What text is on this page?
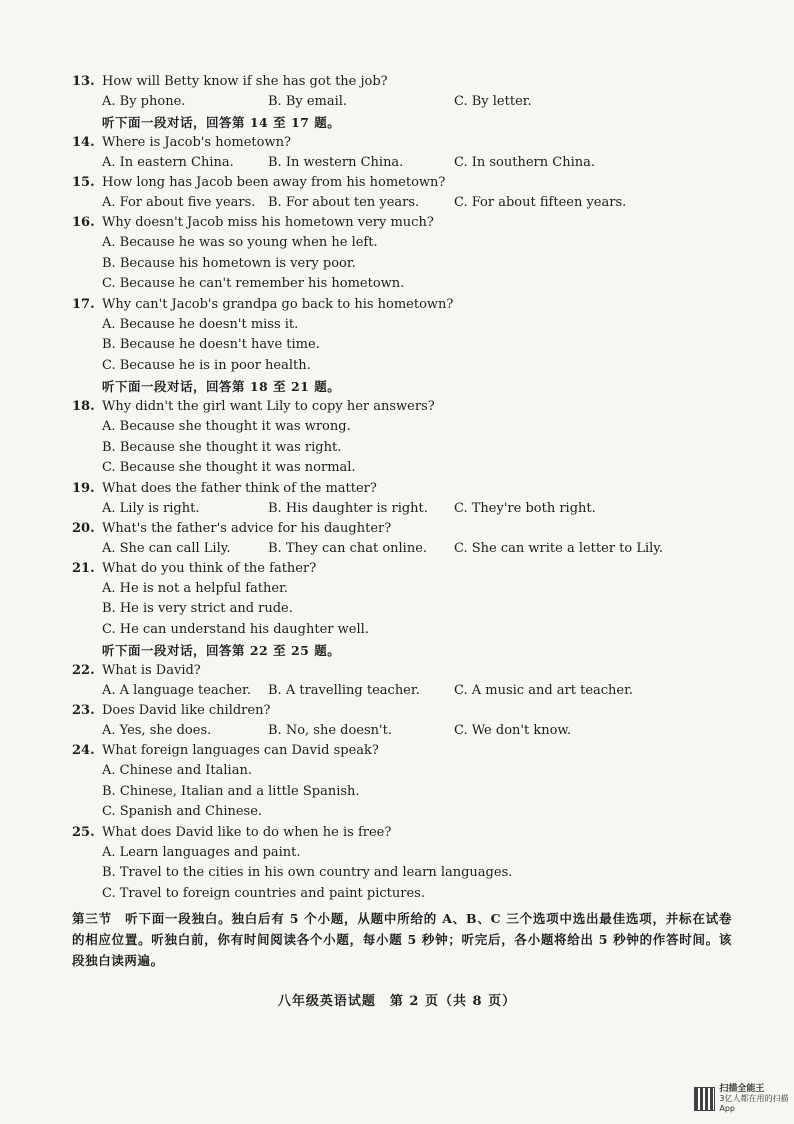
13. How will Betty know if she has got the job?
A. By phone.	B. By email.	C. By letter.
听下面一段对话，回答第 14 至 17 题。
14. Where is Jacob's hometown?
A. In eastern China.	B. In western China.	C. In southern China.
15. How long has Jacob been away from his hometown?
A. For about five years. B. For about ten years.	C. For about fifteen years.
16. Why doesn't Jacob miss his hometown very much?
A. Because he was so young when he left.
B. Because his hometown is very poor.
C. Because he can't remember his hometown.
17. Why can't Jacob's grandpa go back to his hometown?
A. Because he doesn't miss it.
B. Because he doesn't have time.
C. Because he is in poor health.
听下面一段对话，回答第 18 至 21 题。
18. Why didn't the girl want Lily to copy her answers?
A. Because she thought it was wrong.
B. Because she thought it was right.
C. Because she thought it was normal.
19. What does the father think of the matter?
A. Lily is right.	B. His daughter is right.	C. They're both right.
20. What's the father's advice for his daughter?
A. She can call Lily.	B. They can chat online.	C. She can write a letter to Lily.
21. What do you think of the father?
A. He is not a helpful father.
B. He is very strict and rude.
C. He can understand his daughter well.
听下面一段对话，回答第 22 至 25 题。
22. What is David?
A. A language teacher.	B. A travelling teacher.	C. A music and art teacher.
23. Does David like children?
A. Yes, she does.	B. No, she doesn't.	C. We don't know.
24. What foreign languages can David speak?
A. Chinese and Italian.
B. Chinese, Italian and a little Spanish.
C. Spanish and Chinese.
25. What does David like to do when he is free?
A. Learn languages and paint.
B. Travel to the cities in his own country and learn languages.
C. Travel to foreign countries and paint pictures.
第三节　听下面一段独白。独白后有 5 个小题，从题中所给的 A、B、C 三个选项中选出最佳选项，并标在试卷的相应位置。听独白前，你有时间阅读各个小题，每小题 5 秒钟；听完后，各小题将给出 5 秒钟的作答时间。该段独白读两遍。
八年级英语试题　第 2 页（共 8 页）
扫描全能王
3亿人都在用的扫描App
